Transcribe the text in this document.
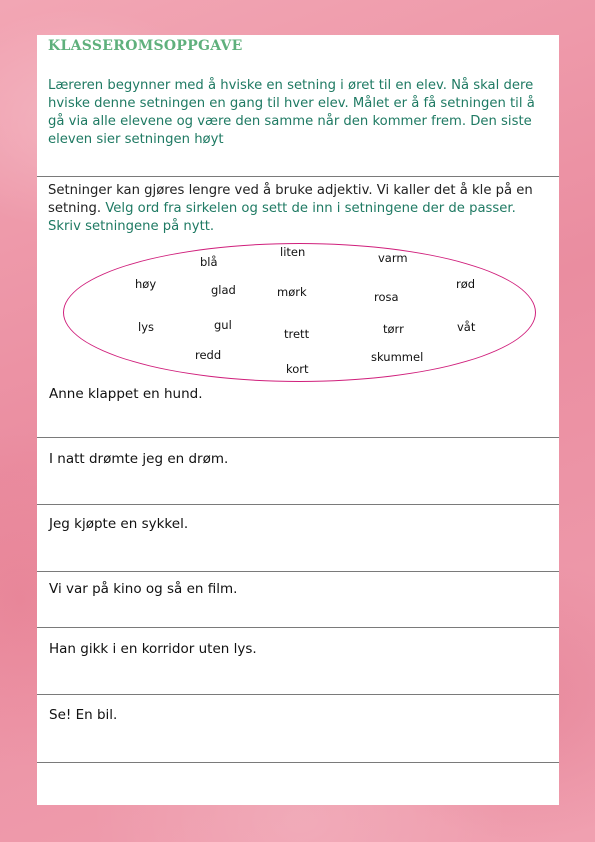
KLASSEROMSOPPGAVE
Læreren begynner med å hviske en setning i øret til en elev. Nå skal dere hviske denne setningen en gang til hver elev. Målet er å få setningen til å gå via alle elevene og være den samme når den kommer frem. Den siste eleven sier setningen høyt
Setninger kan gjøres lengre ved å bruke adjektiv. Vi kaller det å kle på en setning. Velg ord fra sirkelen og sett de inn i setningene der de passer. Skriv setningene på nytt.
liten
blå	varm
høy	glad	mørk	rosa
rød
lys	gul
trett	tørr	våt
redd
kort
skummel
Anne klappet en hund.
I natt drømte jeg en drøm.
Jeg kjøpte en sykkel.
Vi var på kino og så en film.
Han gikk i en korridor uten lys.
Se! En bil.
